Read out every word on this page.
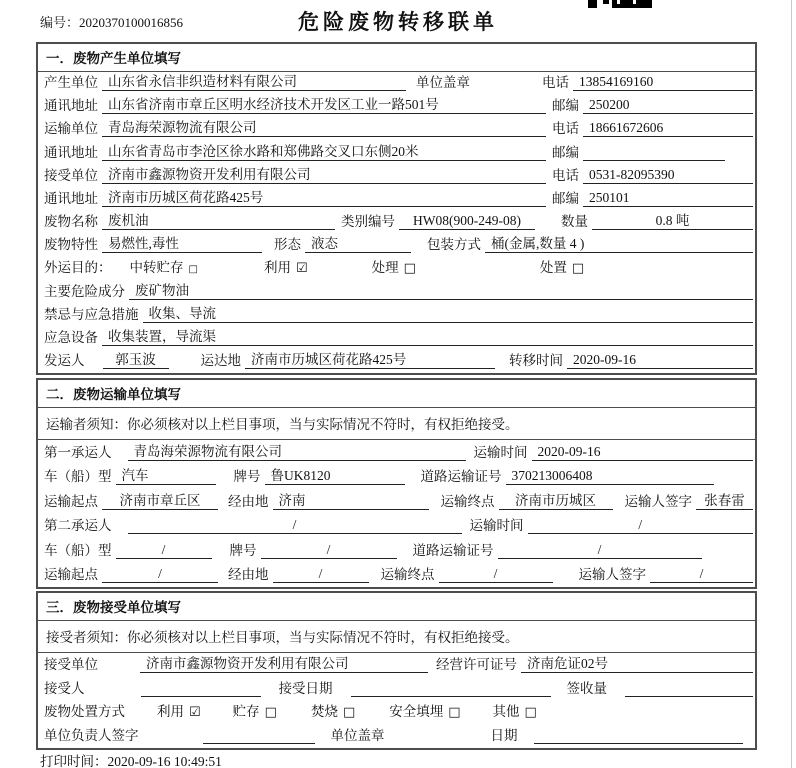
编号：2020370100016856	危险废物转移联单
一．废物产生单位填写
产生单位 山东省永信非织造材料有限公司	单位盖章	电话 13854169160
通讯地址 山东省济南市章丘区明水经济技术开发区工业一路501号	邮编 250200
运输单位 青岛海荣源物流有限公司	电话 18661672606
通讯地址 山东省青岛市李沧区徐水路和郑佛路交叉口东侧20米	邮编
接受单位 济南市鑫源物资开发利用有限公司	电话 0531-82095390
通讯地址 济南市历城区荷花路425号	邮编 250101
废物名称 废机油	类别编号	HW08(900-249-08)	数量	0.8 吨
废物特性 易燃性,毒性	形态 液态	包装方式 桶(金属,数量 4 )
外运目的： 中转贮存 □	利用 ☑	处理 □	处置 □
主要危险成分 废矿物油
禁忌与应急措施 收集、导流
应急设备 收集装置，导流渠
发运人	郭玉波	运达地 济南市历城区荷花路425号	转移时间 2020-09-16
二．废物运输单位填写
运输者须知：你必须核对以上栏目事项，当与实际情况不符时，有权拒绝接受。
第一承运人	青岛海荣源物流有限公司	运输时间 2020-09-16
车（船）型 汽车	牌号 鲁UK8120	道路运输证号 370213006408
运输起点	济南市章丘区	经由地 济南	运输终点	济南市历城区	运输人签字 张春雷
第二承运人	/	运输时间	/
车（船）型	/	牌号	/	道路运输证号	/
运输起点	/	经由地	/	运输终点	/	运输人签字	/
三．废物接受单位填写
接受者须知：你必须核对以上栏目事项，当与实际情况不符时，有权拒绝接受。
接受单位	济南市鑫源物资开发利用有限公司	经营许可证号 济南危证02号
接受人	接受日期	签收量
废物处置方式 利用 ☑ 贮存 □	焚烧 □	安全填埋 □ 其他 □
单位负责人签字	单位盖章	日期
打印时间：2020-09-16 10:49:51
